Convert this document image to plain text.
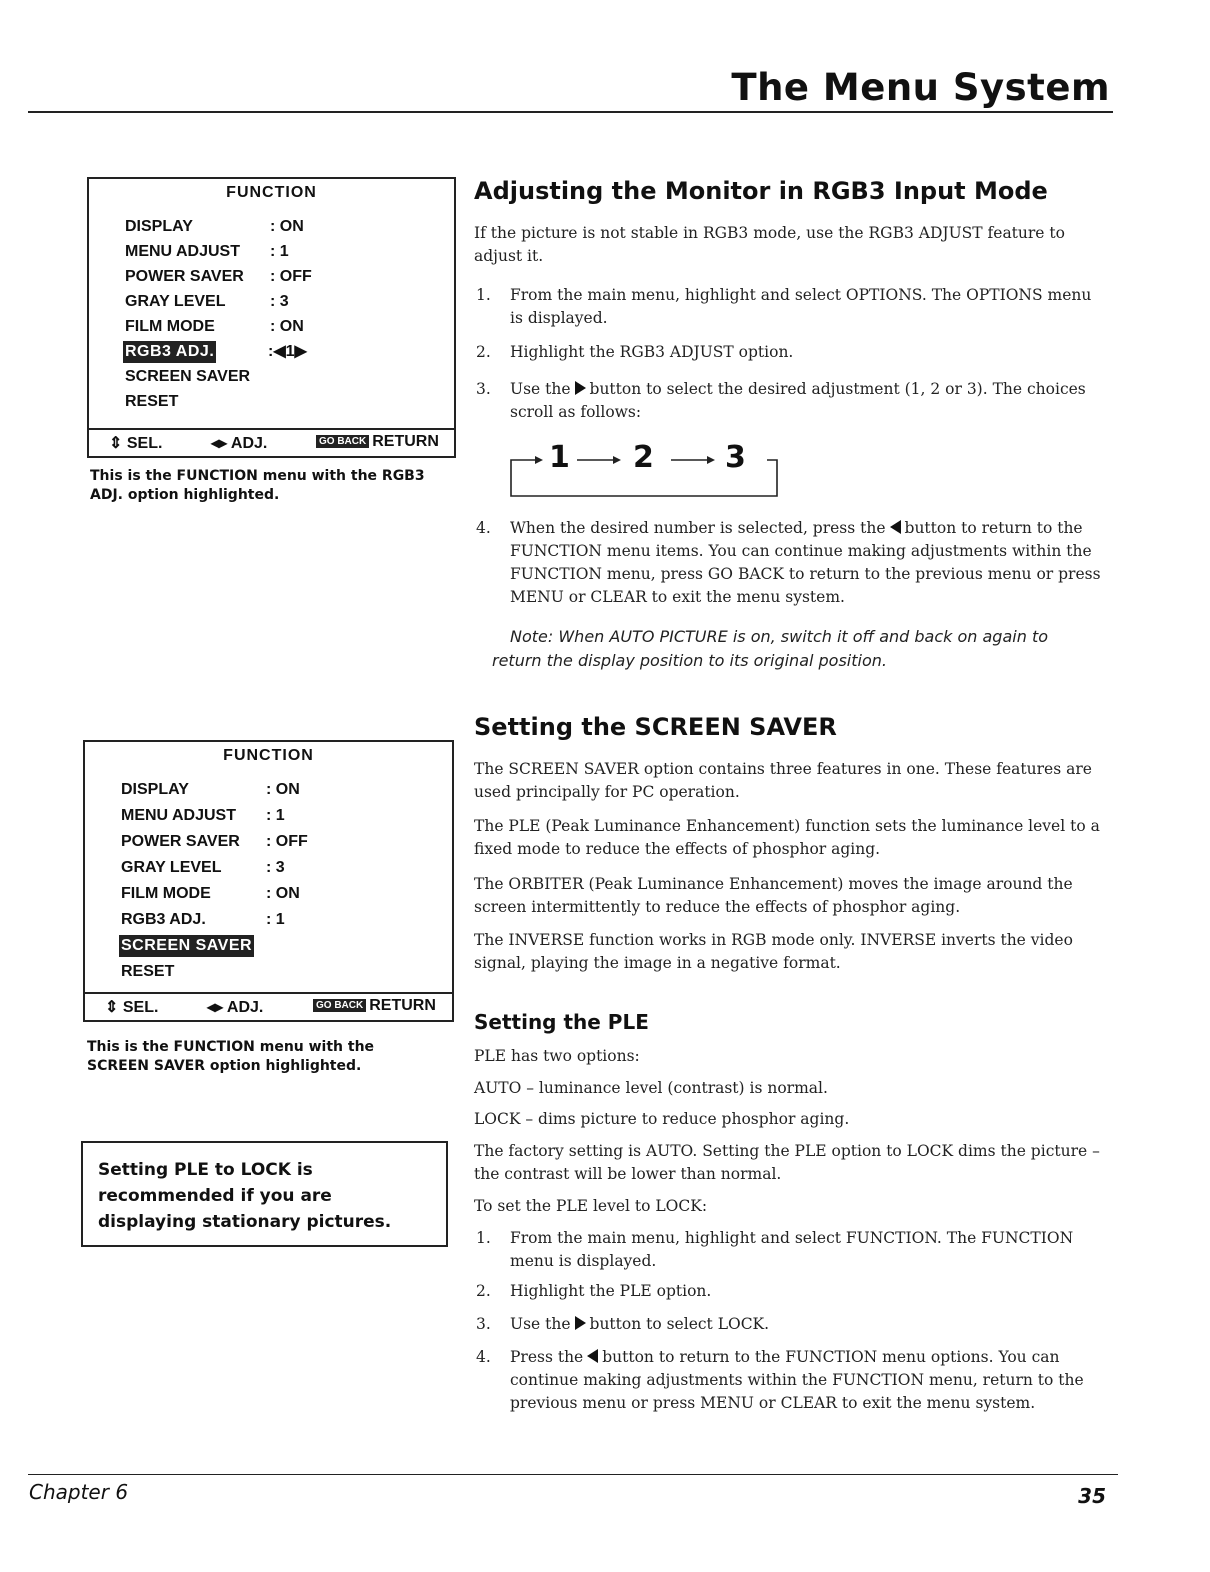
The Menu System
FUNCTION
DISPLAY	: ON
MENU ADJUST : 1
POWER SAVER : OFF
GRAY LEVEL	: 3
FILM MODE	: ON
RGB3 ADJ.	:◀1▶
SCREEN SAVER
RESET
⇕ SEL.	◂▸ ADJ.	GO BACK RETURN
This is the FUNCTION menu with the RGB3 ADJ. option highlighted.
FUNCTION
DISPLAY	: ON
MENU ADJUST : 1
POWER SAVER : OFF
GRAY LEVEL	: 3
FILM MODE	: ON
RGB3 ADJ.	: 1
SCREEN SAVER
RESET
⇕ SEL.	◂▸ ADJ.	GO BACK RETURN
This is the FUNCTION menu with the SCREEN SAVER option highlighted.
Setting PLE to LOCK is recommended if you are displaying stationary pictures.
Adjusting the Monitor in RGB3 Input Mode
If the picture is not stable in RGB3 mode, use the RGB3 ADJUST feature to adjust it.
1. From the main menu, highlight and select OPTIONS. The OPTIONS menu is displayed.
2. Highlight the RGB3 ADJUST option.
3. Use the button to select the desired adjustment (1, 2 or 3). The choices scroll as follows:
1 2 3
4. When the desired number is selected, press the button to return to the FUNCTION menu items. You can continue making adjustments within the FUNCTION menu, press GO BACK to return to the previous menu or press MENU or CLEAR to exit the menu system.
Note: When AUTO PICTURE is on, switch it off and back on again to return the display position to its original position.
Setting the SCREEN SAVER
The SCREEN SAVER option contains three features in one. These features are used principally for PC operation.
The PLE (Peak Luminance Enhancement) function sets the luminance level to a fixed mode to reduce the effects of phosphor aging.
The ORBITER (Peak Luminance Enhancement) moves the image around the screen intermittently to reduce the effects of phosphor aging.
The INVERSE function works in RGB mode only. INVERSE inverts the video signal, playing the image in a negative format.
Setting the PLE
PLE has two options:
AUTO – luminance level (contrast) is normal.
LOCK – dims picture to reduce phosphor aging.
The factory setting is AUTO. Setting the PLE option to LOCK dims the picture – the contrast will be lower than normal.
To set the PLE level to LOCK:
1. From the main menu, highlight and select FUNCTION. The FUNCTION menu is displayed.
2. Highlight the PLE option.
3. Use the button to select LOCK.
4. Press the button to return to the FUNCTION menu options. You can continue making adjustments within the FUNCTION menu, return to the previous menu or press MENU or CLEAR to exit the menu system.
Chapter 6	35
